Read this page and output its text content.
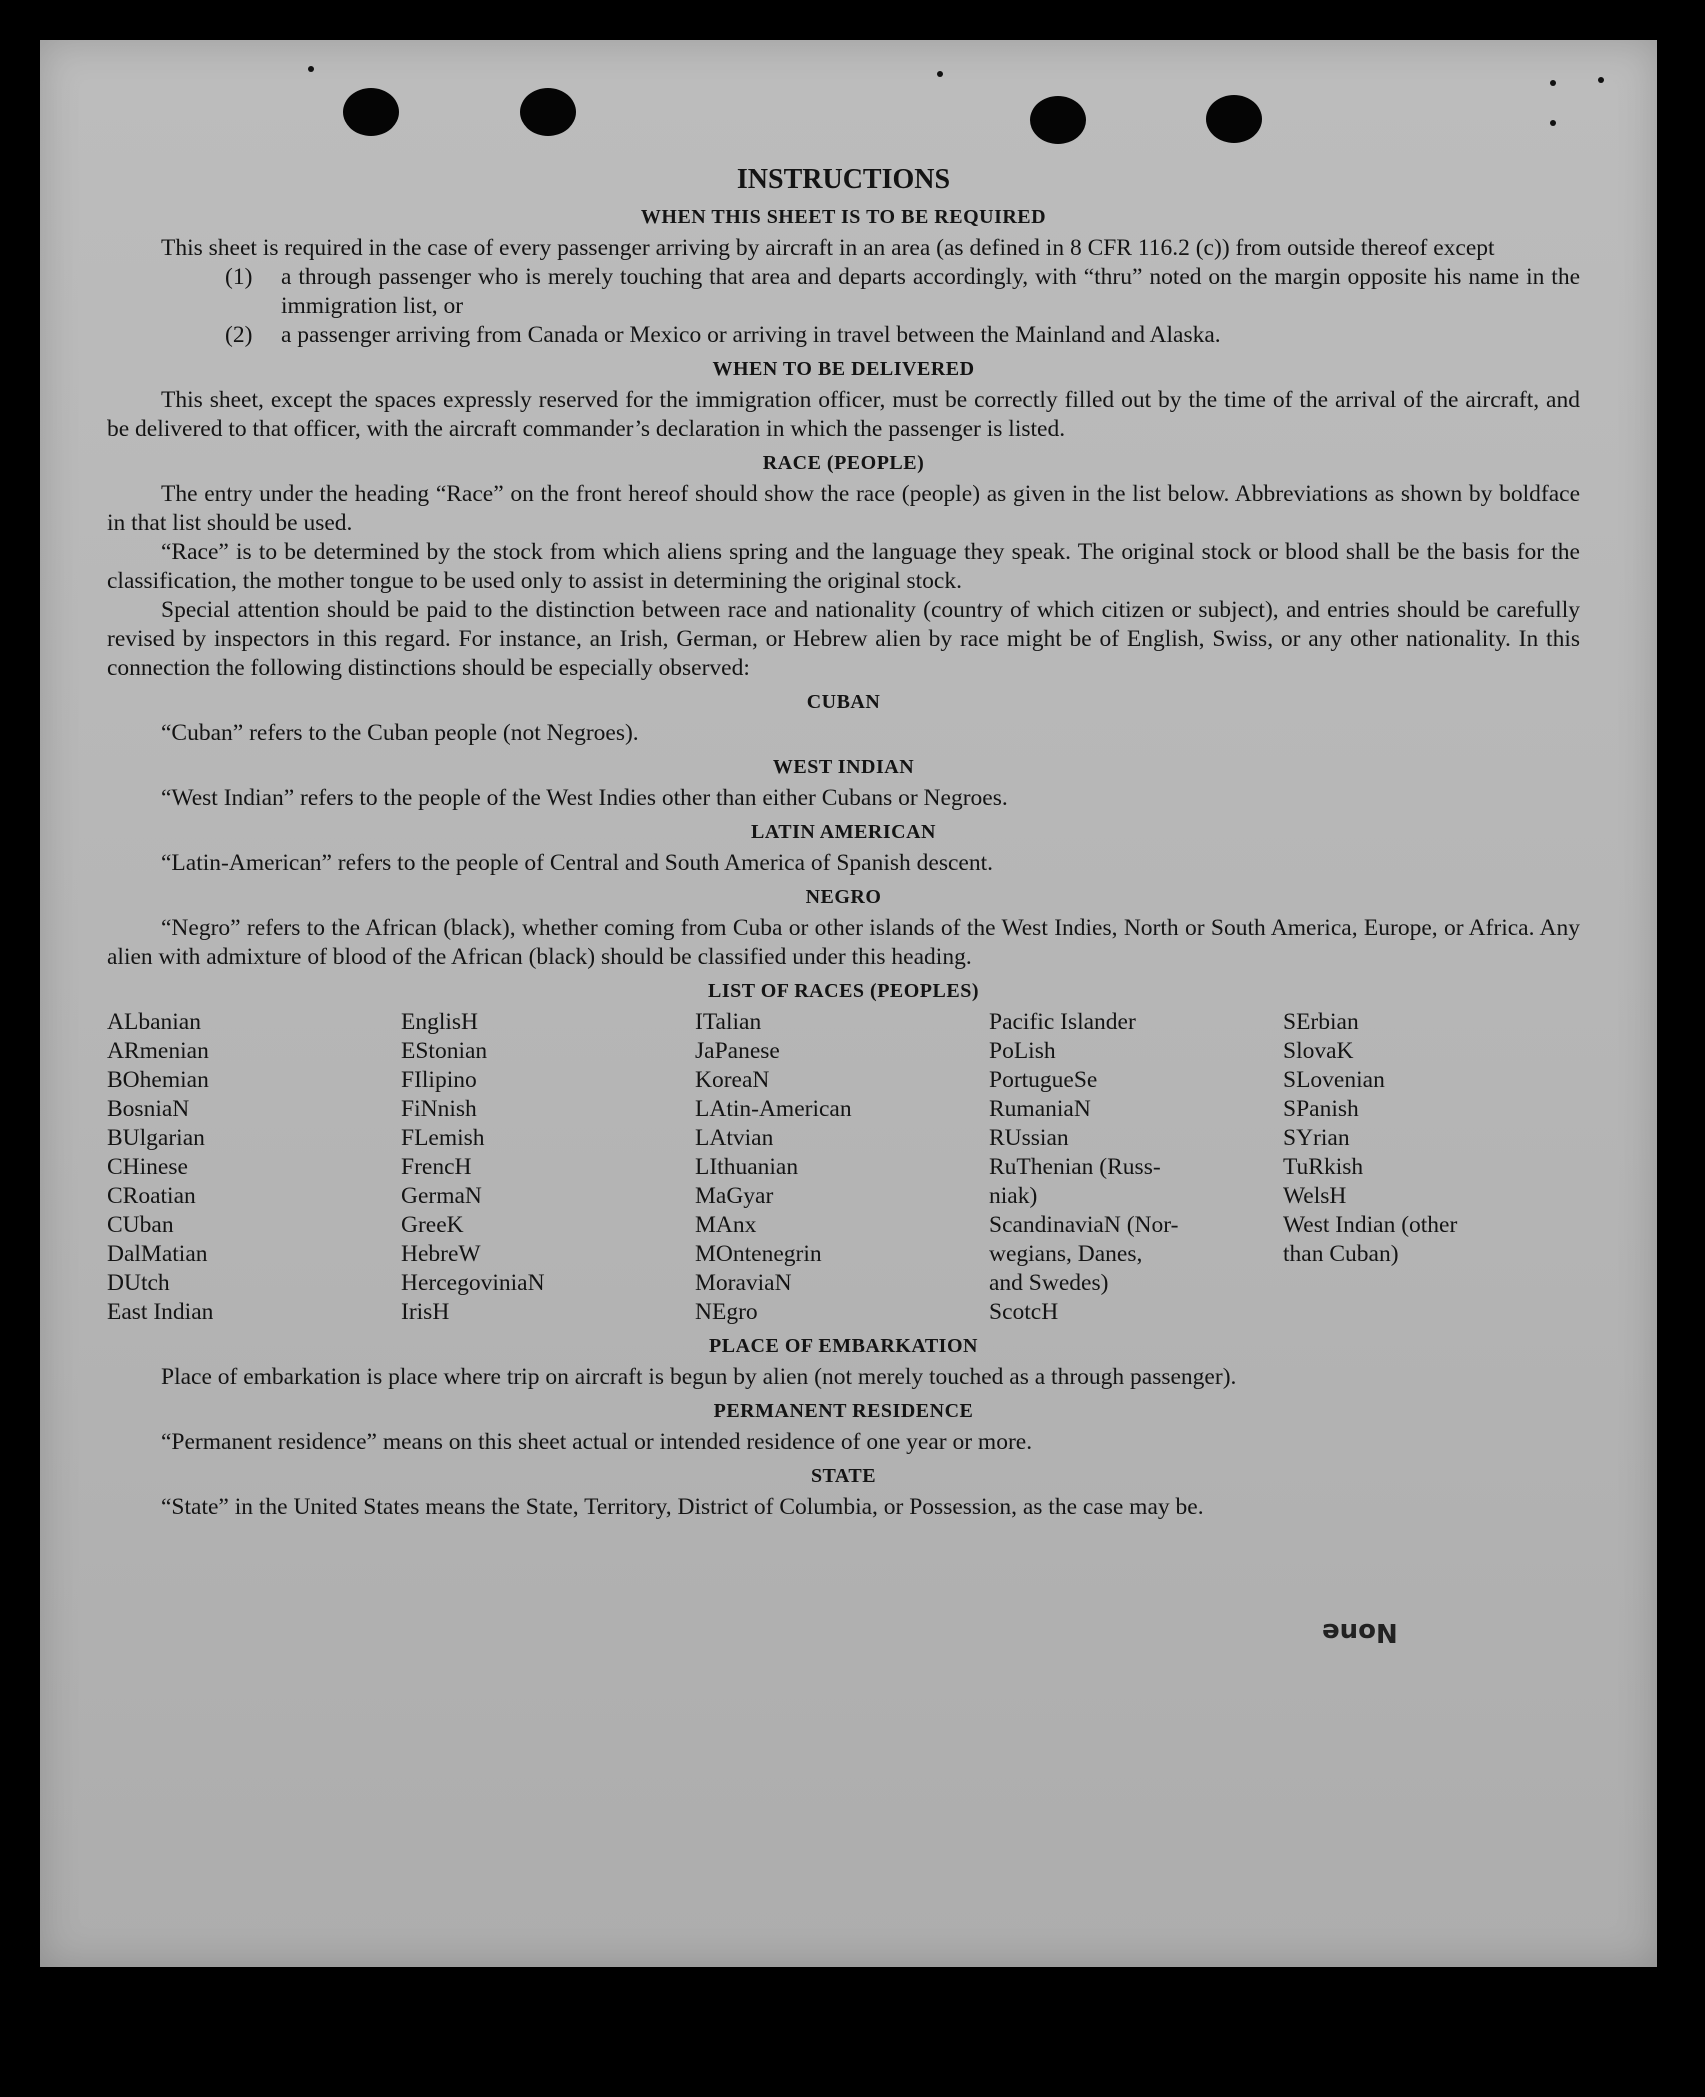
None
INSTRUCTIONS
WHEN THIS SHEET IS TO BE REQUIRED

This sheet is required in the case of every passenger arriving by aircraft in an area (as defined in 8 CFR 116.2 (c)) from outside thereof except

(1)	a through passenger who is merely touching that area and departs accordingly, with “thru” noted on the margin opposite his name in the immigration list, or
(2)	a passenger arriving from Canada or Mexico or arriving in travel between the Mainland and Alaska.
WHEN TO BE DELIVERED

This sheet, except the spaces expressly reserved for the immigration officer, must be correctly filled out by the time of the arrival of the aircraft, and be delivered to that officer, with the aircraft commander’s declaration in which the passenger is listed.

RACE (PEOPLE)

The entry under the heading “Race” on the front hereof should show the race (people) as given in the list below. Abbreviations as shown by boldface in that list should be used.

“Race” is to be determined by the stock from which aliens spring and the language they speak. The original stock or blood shall be the basis for the classification, the mother tongue to be used only to assist in determining the original stock.

Special attention should be paid to the distinction between race and nationality (country of which citizen or subject), and entries should be carefully revised by inspectors in this regard. For instance, an Irish, German, or Hebrew alien by race might be of English, Swiss, or any other nationality. In this connection the following distinctions should be especially observed:

CUBAN

“Cuban” refers to the Cuban people (not Negroes).

WEST INDIAN

“West Indian” refers to the people of the West Indies other than either Cubans or Negroes.

LATIN AMERICAN

“Latin-American” refers to the people of Central and South America of Spanish descent.

NEGRO

“Negro” refers to the African (black), whether coming from Cuba or other islands of the West Indies, North or South America, Europe, or Africa. Any alien with admixture of blood of the African (black) should be classified under this heading.

LIST OF RACES (PEOPLES)
ALbanian
ARmenian
BOhemian
BosniaN
BUlgarian
CHinese
CRoatian
CUban
DalMatian
DUtch
East Indian
EnglisH
EStonian
FIlipino
FiNnish
FLemish
FrencH
GermaN
GreeK
HebreW
HercegoviniaN
IrisH
ITalian
JaPanese
KoreaN
LAtin-American
LAtvian
LIthuanian
MaGyar
MAnx
MOntenegrin
MoraviaN
NEgro
Pacific Islander
PoLish
PortugueSe
RumaniaN
RUssian
RuThenian (Russ-
niak)
ScandinaviaN (Nor-
wegians, Danes,
and Swedes)
ScotcH
SErbian
SlovaK
SLovenian
SPanish
SYrian
TuRkish
WelsH
West Indian (other
than Cuban)
PLACE OF EMBARKATION

Place of embarkation is place where trip on aircraft is begun by alien (not merely touched as a through passenger).

PERMANENT RESIDENCE

“Permanent residence” means on this sheet actual or intended residence of one year or more.

STATE

“State” in the United States means the State, Territory, District of Columbia, or Possession, as the case may be.
